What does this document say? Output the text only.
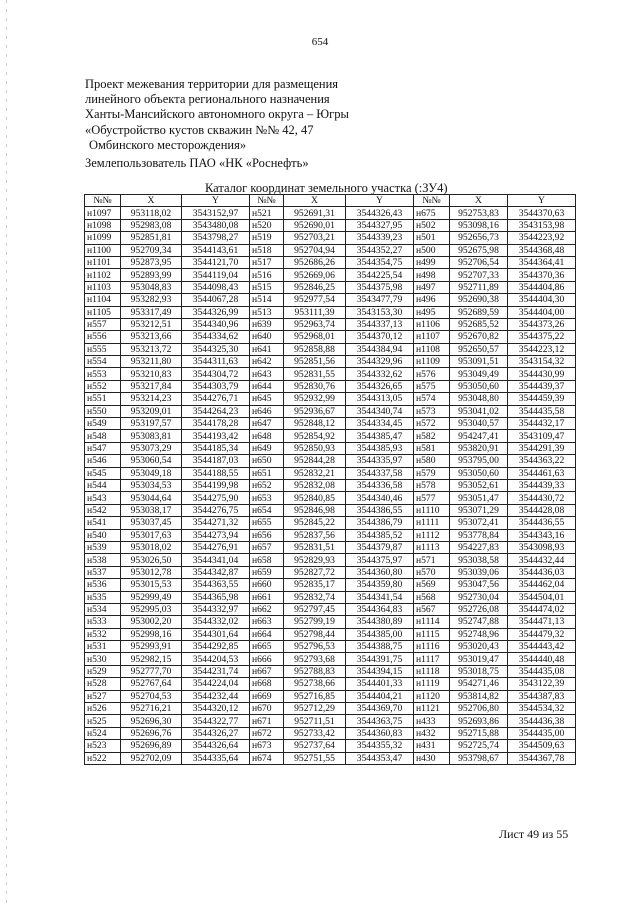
654
Проект межевания территории для размещения
линейного объекта регионального назначения
Ханты-Мансийского автономного округа – Югры
«Обустройство кустов скважин №№ 42, 47
Омбинского месторождения»
Землепользователь ПАО «НК «Роснефть»
Каталог координат земельного участка (:ЗУ4)
№№	X	Y	№№	X	Y	№№	X	Y
н1097	953118,02	3543152,97	н521	952691,31	3544326,43	н675	952753,83	3544370,63
н1098	952983,08	3543480,08	н520	952690,01	3544327,95	н502	953098,16	3543153,98
н1099	952851,81	3543798,27	н519	952703,21	3544339,23	н501	952656,73	3544223,92
н1100	952709,34	3544143,61	н518	952704,94	3544352,27	н500	952675,98	3544368,48
н1101	952873,95	3544121,70	н517	952686,26	3544354,75	н499	952706,54	3544364,41
н1102	952893,99	3544119,04	н516	952669,06	3544225,54	н498	952707,33	3544370,36
н1103	953048,83	3544098,43	н515	952846,25	3544375,98	н497	952711,89	3544404,86
н1104	953282,93	3544067,28	н514	952977,54	3543477,79	н496	952690,38	3544404,30
н1105	953317,49	3544326,99	н513	953111,39	3543153,30	н495	952689,59	3544404,00
н557	953212,51	3544340,96	н639	952963,74	3544337,13	н1106	952685,52	3544373,26
н556	953213,66	3544334,62	н640	952968,01	3544370,12	н1107	952670,82	3544375,22
н555	953213,72	3544325,30	н641	952858,88	3544384,94	н1108	952650,57	3544223,12
н554	953211,80	3544311,63	н642	952851,56	3544329,96	н1109	953091,51	3543154,32
н553	953210,83	3544304,72	н643	952831,55	3544332,62	н576	953049,49	3544430,99
н552	953217,84	3544303,79	н644	952830,76	3544326,65	н575	953050,60	3544439,37
н551	953214,23	3544276,71	н645	952932,99	3544313,05	н574	953048,80	3544459,39
н550	953209,01	3544264,23	н646	952936,67	3544340,74	н573	953041,02	3544435,58
н549	953197,57	3544178,28	н647	952848,12	3544334,45	н572	953040,57	3544432,17
н548	953083,81	3544193,42	н648	952854,92	3544385,47	н582	954247,41	3543109,47
н547	953073,29	3544185,34	н649	952850,93	3544385,93	н581	953820,91	3544291,39
н546	953060,54	3544187,03	н650	952844,28	3544335,97	н580	953795,00	3544363,22
н545	953049,18	3544188,55	н651	952832,21	3544337,58	н579	953050,60	3544461,63
н544	953034,53	3544199,98	н652	952832,08	3544336,58	н578	953052,61	3544439,33
н543	953044,64	3544275,90	н653	952840,85	3544340,46	н577	953051,47	3544430,72
н542	953038,17	3544276,75	н654	952846,98	3544386,55	н1110	953071,29	3544428,08
н541	953037,45	3544271,32	н655	952845,22	3544386,79	н1111	953072,41	3544436,55
н540	953017,63	3544273,94	н656	952837,56	3544385,52	н1112	953778,84	3544343,16
н539	953018,02	3544276,91	н657	952831,51	3544379,87	н1113	954227,83	3543098,93
н538	953026,50	3544341,04	н658	952829,93	3544375,97	н571	953038,58	3544432,44
н537	953012,78	3544342,87	н659	952827,72	3544360,80	н570	953039,06	3544436,03
н536	953015,53	3544363,55	н660	952835,17	3544359,80	н569	953047,56	3544462,04
н535	952999,49	3544365,98	н661	952832,74	3544341,54	н568	952730,04	3544504,01
н534	952995,03	3544332,97	н662	952797,45	3544364,83	н567	952726,08	3544474,02
н533	953002,20	3544332,02	н663	952799,19	3544380,89	н1114	952747,88	3544471,13
н532	952998,16	3544301,64	н664	952798,44	3544385,00	н1115	952748,96	3544479,32
н531	952993,91	3544292,85	н665	952796,53	3544388,75	н1116	953020,43	3544443,42
н530	952982,15	3544204,53	н666	952793,68	3544391,75	н1117	953019,47	3544440,48
н529	952777,70	3544231,74	н667	952788,83	3544394,15	н1118	953018,75	3544435,08
н528	952767,64	3544224,04	н668	952738,66	3544401,33	н1119	954271,46	3543122,39
н527	952704,53	3544232,44	н669	952716,85	3544404,21	н1120	953814,82	3544387,83
н526	952716,21	3544320,12	н670	952712,29	3544369,70	н1121	952706,80	3544534,32
н525	952696,30	3544322,77	н671	952711,51	3544363,75	н433	952693,86	3544436,38
н524	952696,76	3544326,27	н672	952733,42	3544360,83	н432	952715,88	3544435,00
н523	952696,89	3544326,64	н673	952737,64	3544355,32	н431	952725,74	3544509,63
н522	952702,09	3544335,64	н674	952751,55	3544353,47	н430	953798,67	3544367,78
Лист 49 из 55
